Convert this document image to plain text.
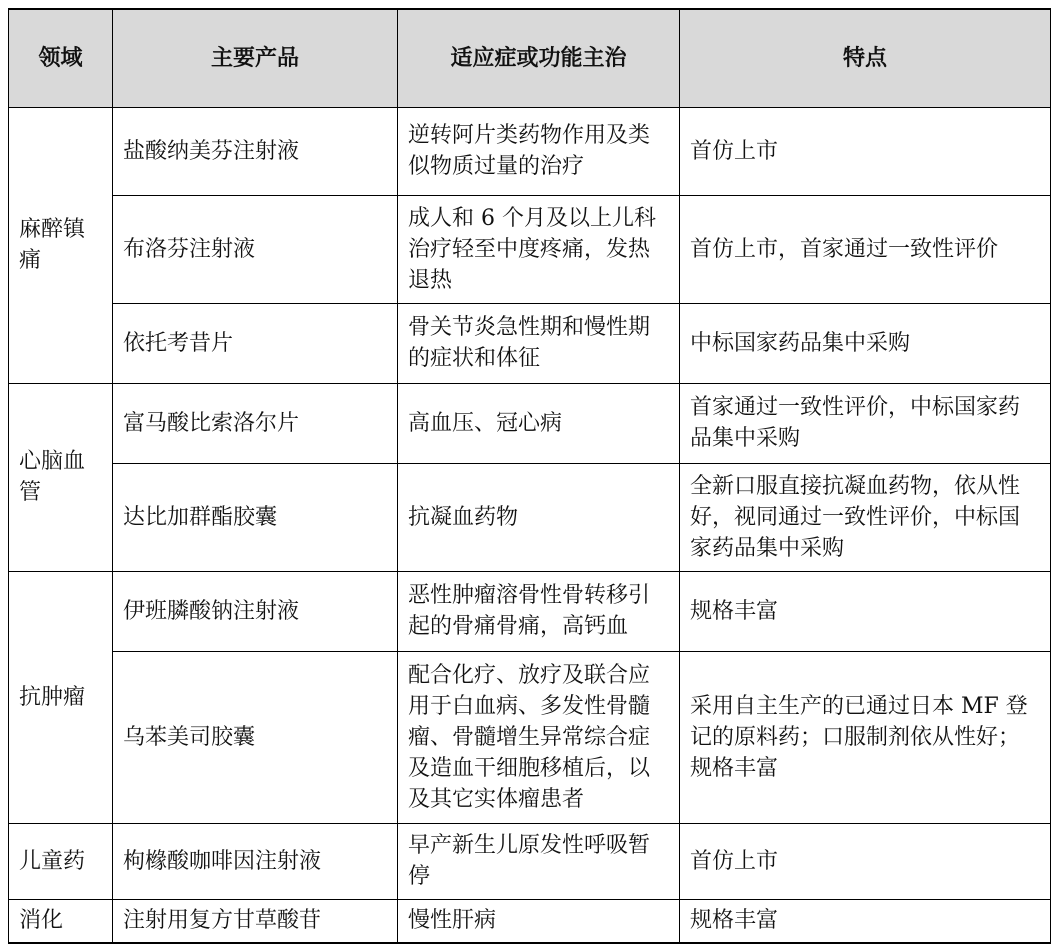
领域	主要产品	适应症或功能主治	特点
麻醉镇痛	盐酸纳美芬注射液	逆转阿片类药物作用及类似物质过量的治疗	首仿上市
	布洛芬注射液	成人和 6 个月及以上儿科治疗轻至中度疼痛，发热退热	首仿上市，首家通过一致性评价
	依托考昔片	骨关节炎急性期和慢性期的症状和体征	中标国家药品集中采购
心脑血管	富马酸比索洛尔片	高血压、冠心病	首家通过一致性评价，中标国家药品集中采购
	达比加群酯胶囊	抗凝血药物	全新口服直接抗凝血药物，依从性好，视同通过一致性评价，中标国家药品集中采购
抗肿瘤	伊班膦酸钠注射液	恶性肿瘤溶骨性骨转移引起的骨痛骨痛，高钙血	规格丰富
	乌苯美司胶囊	配合化疗、放疗及联合应用于白血病、多发性骨髓瘤、骨髓增生异常综合症及造血干细胞移植后，以及其它实体瘤患者	采用自主生产的已通过日本 MF 登记的原料药；口服制剂依从性好；规格丰富
儿童药	枸橼酸咖啡因注射液	早产新生儿原发性呼吸暂停	首仿上市
消化	注射用复方甘草酸苷	慢性肝病	规格丰富
